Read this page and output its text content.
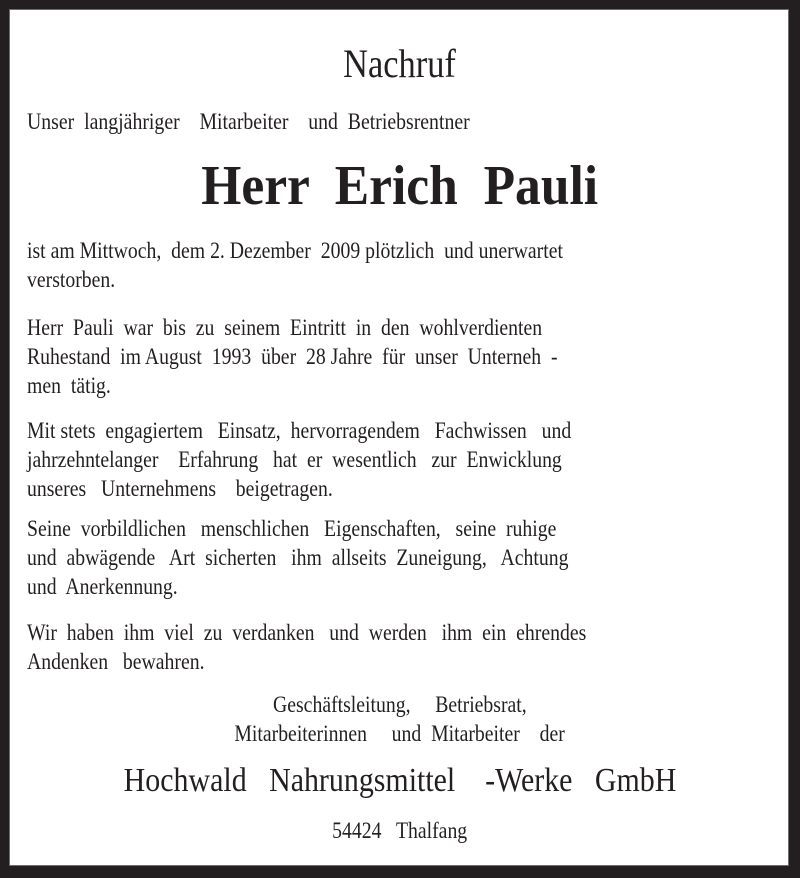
Nachruf
Unser  langjähriger    Mitarbeiter    und  Betriebsrentner
Herr  Erich  Pauli
ist am Mittwoch,  dem 2. Dezember  2009 plötzlich  und unerwartet
verstorben.
Herr  Pauli  war  bis  zu  seinem  Eintritt  in  den  wohlverdienten
Ruhestand  im August  1993  über  28 Jahre  für  unser  Unterneh  -
men  tätig.
Mit stets  engagiertem   Einsatz,  hervorragendem   Fachwissen   und
jahrzehntelanger    Erfahrung   hat  er  wesentlich   zur  Enwicklung
unseres   Unternehmens    beigetragen.
Seine  vorbildlichen   menschlichen   Eigenschaften,   seine  ruhige
und  abwägende   Art  sicherten   ihm  allseits  Zuneigung,   Achtung
und  Anerkennung.
Wir  haben  ihm  viel  zu  verdanken   und  werden   ihm  ein  ehrendes
Andenken   bewahren.
Geschäftsleitung,     Betriebsrat,
Mitarbeiterinnen     und  Mitarbeiter    der
Hochwald   Nahrungsmittel    -Werke   GmbH
54424   Thalfang
